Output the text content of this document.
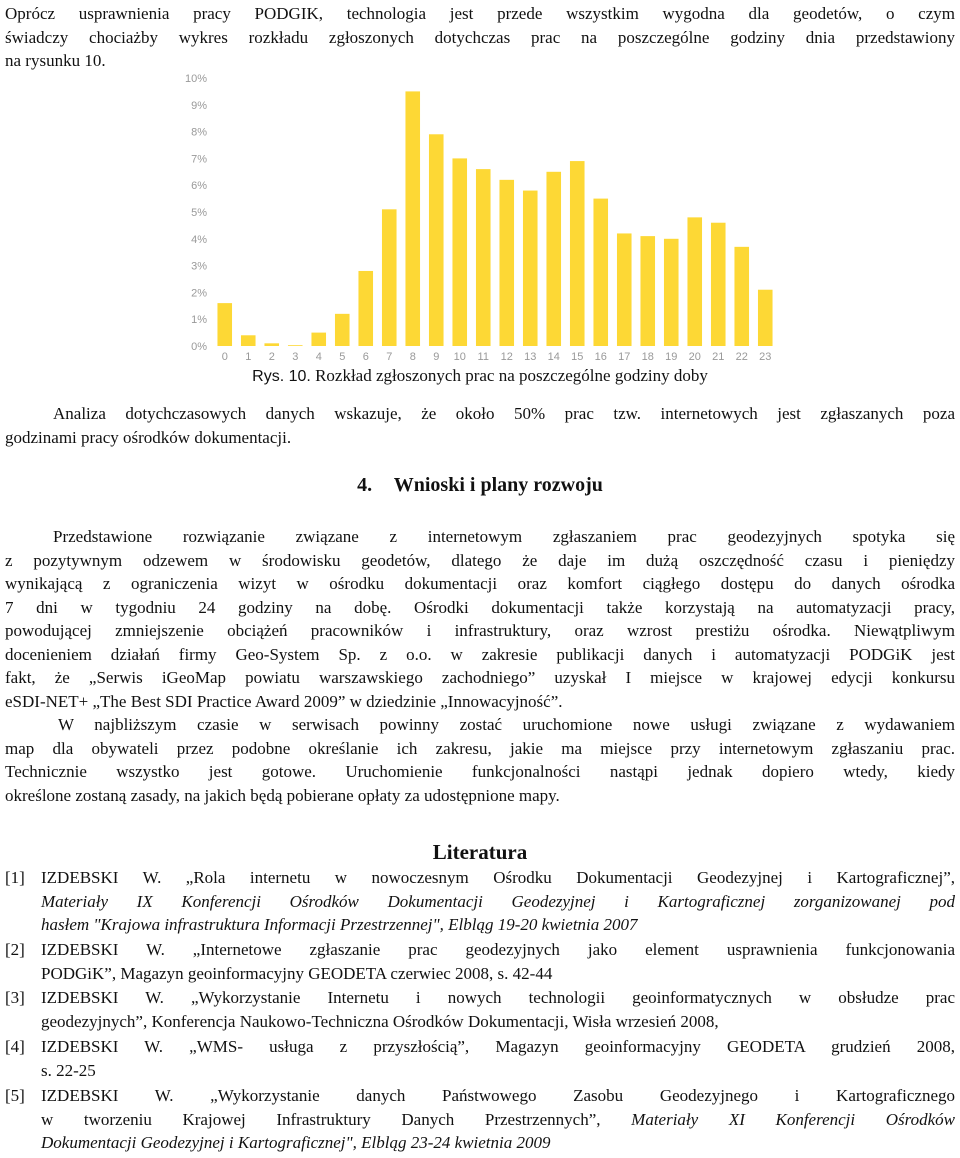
Oprócz usprawnienia pracy PODGIK, technologia jest przede wszystkim wygodna dla geodetów, o czym
świadczy chociażby wykres rozkładu zgłoszonych dotychczas prac na poszczególne godziny dnia przedstawiony
na rysunku 10.

0%
1%
2%
3%
4%
5%
6%
7%
8%
9%
10%
0 1 2 3 4 5 6 7 8 9 10 11 12 13 14 15 16 17 18 19 20 21 22 23
Rys. 10. Rozkład zgłoszonych prac na poszczególne godziny doby

Analiza dotychczasowych danych wskazuje, że około 50% prac tzw. internetowych jest zgłaszanych poza
godzinami pracy ośrodków dokumentacji.

4. Wnioski i plany rozwoju

Przedstawione rozwiązanie związane z internetowym zgłaszaniem prac geodezyjnych spotyka się
z pozytywnym odzewem w środowisku geodetów, dlatego że daje im dużą oszczędność czasu i pieniędzy
wynikającą z ograniczenia wizyt w ośrodku dokumentacji oraz komfort ciągłego dostępu do danych ośrodka
7 dni w tygodniu 24 godziny na dobę. Ośrodki dokumentacji także korzystają na automatyzacji pracy,
powodującej zmniejszenie obciążeń pracowników i infrastruktury, oraz wzrost prestiżu ośrodka. Niewątpliwym
docenieniem działań firmy Geo-System Sp. z o.o. w zakresie publikacji danych i automatyzacji PODGiK jest
fakt, że „Serwis iGeoMap powiatu warszawskiego zachodniego” uzyskał I miejsce w krajowej edycji konkursu
eSDI-NET+ „The Best SDI Practice Award 2009” w dziedzinie „Innowacyjność”.
W najbliższym czasie w serwisach powinny zostać uruchomione nowe usługi związane z wydawaniem
map dla obywateli przez podobne określanie ich zakresu, jakie ma miejsce przy internetowym zgłaszaniu prac.
Technicznie wszystko jest gotowe. Uruchomienie funkcjonalności nastąpi jednak dopiero wtedy, kiedy
określone zostaną zasady, na jakich będą pobierane opłaty za udostępnione mapy.

Literatura
[1] IZDEBSKI W. „Rola internetu w nowoczesnym Ośrodku Dokumentacji Geodezyjnej i Kartograficznej”,
Materiały IX Konferencji Ośrodków Dokumentacji Geodezyjnej i Kartograficznej zorganizowanej pod
hasłem "Krajowa infrastruktura Informacji Przestrzennej", Elbląg 19-20 kwietnia 2007
[2] IZDEBSKI W. „Internetowe zgłaszanie prac geodezyjnych jako element usprawnienia funkcjonowania
PODGiK”, Magazyn geoinformacyjny GEODETA czerwiec 2008, s. 42-44
[3] IZDEBSKI W. „Wykorzystanie Internetu i nowych technologii geoinformatycznych w obsłudze prac
geodezyjnych”, Konferencja Naukowo-Techniczna Ośrodków Dokumentacji, Wisła wrzesień 2008,
[4] IZDEBSKI W. „WMS- usługa z przyszłością”, Magazyn geoinformacyjny GEODETA grudzień 2008,
s. 22-25
[5] IZDEBSKI W. „Wykorzystanie danych Państwowego Zasobu Geodezyjnego i Kartograficznego
w tworzeniu Krajowej Infrastruktury Danych Przestrzennych”, Materiały XI Konferencji Ośrodków
Dokumentacji Geodezyjnej i Kartograficznej", Elbląg 23-24 kwietnia 2009
